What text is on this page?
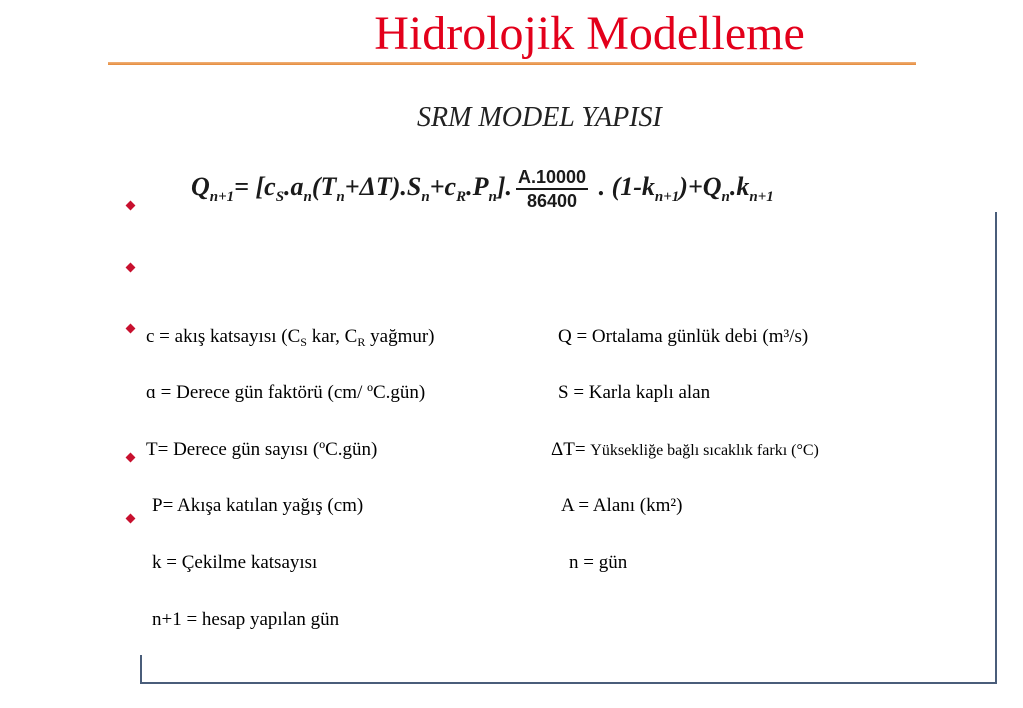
Hidrolojik Modelleme
SRM MODEL YAPISI
$Q_{n+1}= [c_S.a_n(T_n+\Delta T).S_n+c_R.P_n]$. $\frac{A.10000}{86400}$ . $(1-k_{n+1})+Q_n.k_{n+1}$
c = akış katsayısı ($C_S$ kar, $C_R$ yağmur)	Q = Ortalama günlük debi (m³/s)
ɑ = Derece gün faktörü (cm/ ºC.gün)	S = Karla kaplı alan
T= Derece gün sayısı (ºC.gün)	ΔT= Yüksekliğe bağlı sıcaklık farkı (°C)
P= Akışa katılan yağış (cm)	A = Alanı (km²)
k = Çekilme katsayısı	n = gün
n+1 = hesap yapılan gün
